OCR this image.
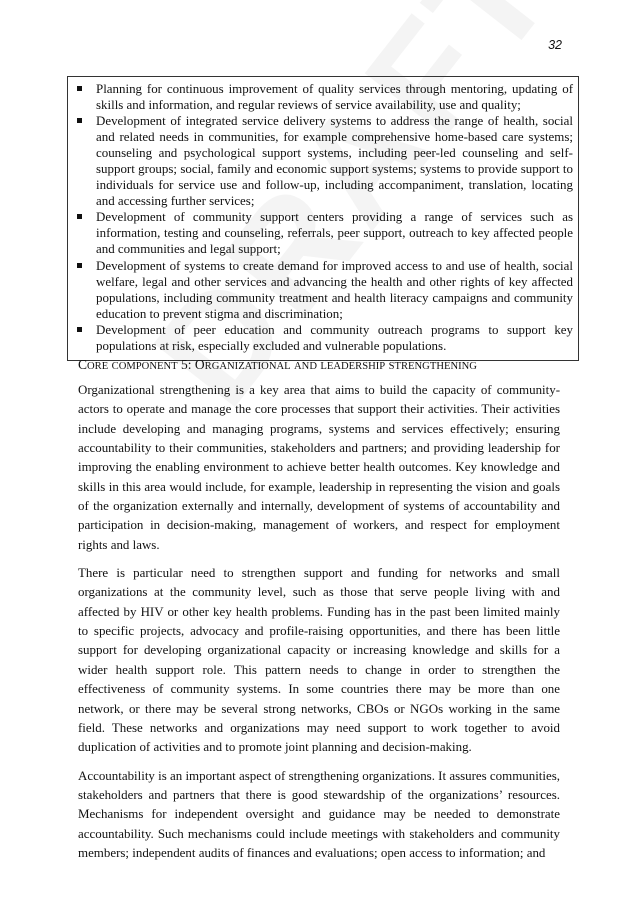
32
Planning for continuous improvement of quality services through mentoring, updating of skills and information, and regular reviews of service availability, use and quality;
Development of integrated service delivery systems to address the range of health, social and related needs in communities, for example comprehensive home-based care systems; counseling and psychological support systems, including peer-led counseling and self-support groups; social, family and economic support systems; systems to provide support to individuals for service use and follow-up, including accompaniment, translation, locating and accessing further services;
Development of community support centers providing a range of services such as information, testing and counseling, referrals, peer support, outreach to key affected people and communities and legal support;
Development of systems to create demand for improved access to and use of health, social welfare, legal and other services and advancing the health and other rights of key affected populations, including community treatment and health literacy campaigns and community education to prevent stigma and discrimination;
Development of peer education and community outreach programs to support key populations at risk, especially excluded and vulnerable populations.
CORE COMPONENT 5: ORGANIZATIONAL AND LEADERSHIP STRENGTHENING

Organizational strengthening is a key area that aims to build the capacity of community-actors to operate and manage the core processes that support their activities. Their activities include developing and managing programs, systems and services effectively; ensuring accountability to their communities, stakeholders and partners; and providing leadership for improving the enabling environment to achieve better health outcomes. Key knowledge and skills in this area would include, for example, leadership in representing the vision and goals of the organization externally and internally, development of systems of accountability and participation in decision-making, management of workers, and respect for employment rights and laws.

There is particular need to strengthen support and funding for networks and small organizations at the community level, such as those that serve people living with and affected by HIV or other key health problems. Funding has in the past been limited mainly to specific projects, advocacy and profile-raising opportunities, and there has been little support for developing organizational capacity or increasing knowledge and skills for a wider health support role. This pattern needs to change in order to strengthen the effectiveness of community systems. In some countries there may be more than one network, or there may be several strong networks, CBOs or NGOs working in the same field. These networks and organizations may need support to work together to avoid duplication of activities and to promote joint planning and decision-making.

Accountability is an important aspect of strengthening organizations. It assures communities, stakeholders and partners that there is good stewardship of the organizations’ resources. Mechanisms for independent oversight and guidance may be needed to demonstrate accountability. Such mechanisms could include meetings with stakeholders and community members; independent audits of finances and evaluations; open access to information; and
